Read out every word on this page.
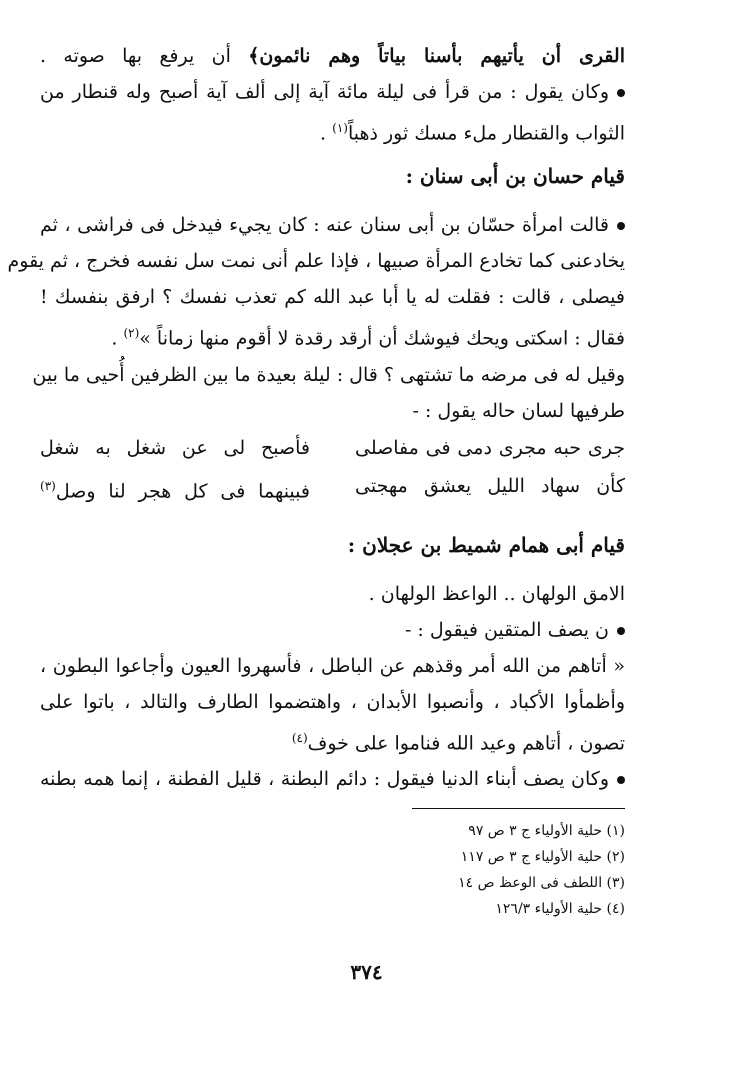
القرى أن يأتيهم بأسنا بياتاً وهم نائمون﴾ أن يرفع بها صوته .
وكان يقول : من قرأ فى ليلة مائة آية إلى ألف آية أصبح وله قنطار من
الثواب والقنطار ملء مسك ثور ذهباً$^{(١)}$ .
قيام حسان بن أبى سنان :
قالت امرأة حسّان بن أبى سنان عنه : كان يجيء فيدخل فى فراشى ، ثم
يخادعنى كما تخادع المرأة صبيها ، فإذا علم أنى نمت سل نفسه فخرج ، ثم يقوم
فيصلى ، قالت : فقلت له يا أبا عبد الله كم تعذب نفسك ؟ ارفق بنفسك !
فقال : اسكتى ويحك فيوشك أن أرقد رقدة لا أقوم منها زماناً »$^{(٢)}$ .
وقيل له فى مرضه ما تشتهى ؟ قال : ليلة بعيدة ما بين الظرفين أُحيى ما بين
طرفيها لسان حاله يقول : -
جرى حبه مجرى دمى فى مفاصلى
فأصبح لى عن شغل به شغل
كأن سهاد الليل يعشق مهجتى
فبينهما فى كل هجر لنا وصل$^{(٣)}$
قيام أبى همام شميط بن عجلان :
الامق الولهان .. الواعظ الولهان .
ن يصف المتقين فيقول : -
« أتاهم من الله أمر وقذهم عن الباطل ، فأسهروا العيون وأجاعوا البطون ،
وأظمأوا الأكباد ، وأنصبوا الأبدان ، واهتضموا الطارف والتالد ، باتوا على
تصون ، أتاهم وعيد الله فناموا على خوف$^{(٤)}$
وكان يصف أبناء الدنيا فيقول : دائم البطنة ، قليل الفطنة ، إنما همه بطنه
(١) حلية الأولياء ج ٣ ص ٩٧
(٢) حلية الأولياء ج ٣ ص ١١٧
(٣) اللطف فى الوعظ ص ١٤
(٤) حلية الأولياء ١٢٦/٣
٣٧٤
